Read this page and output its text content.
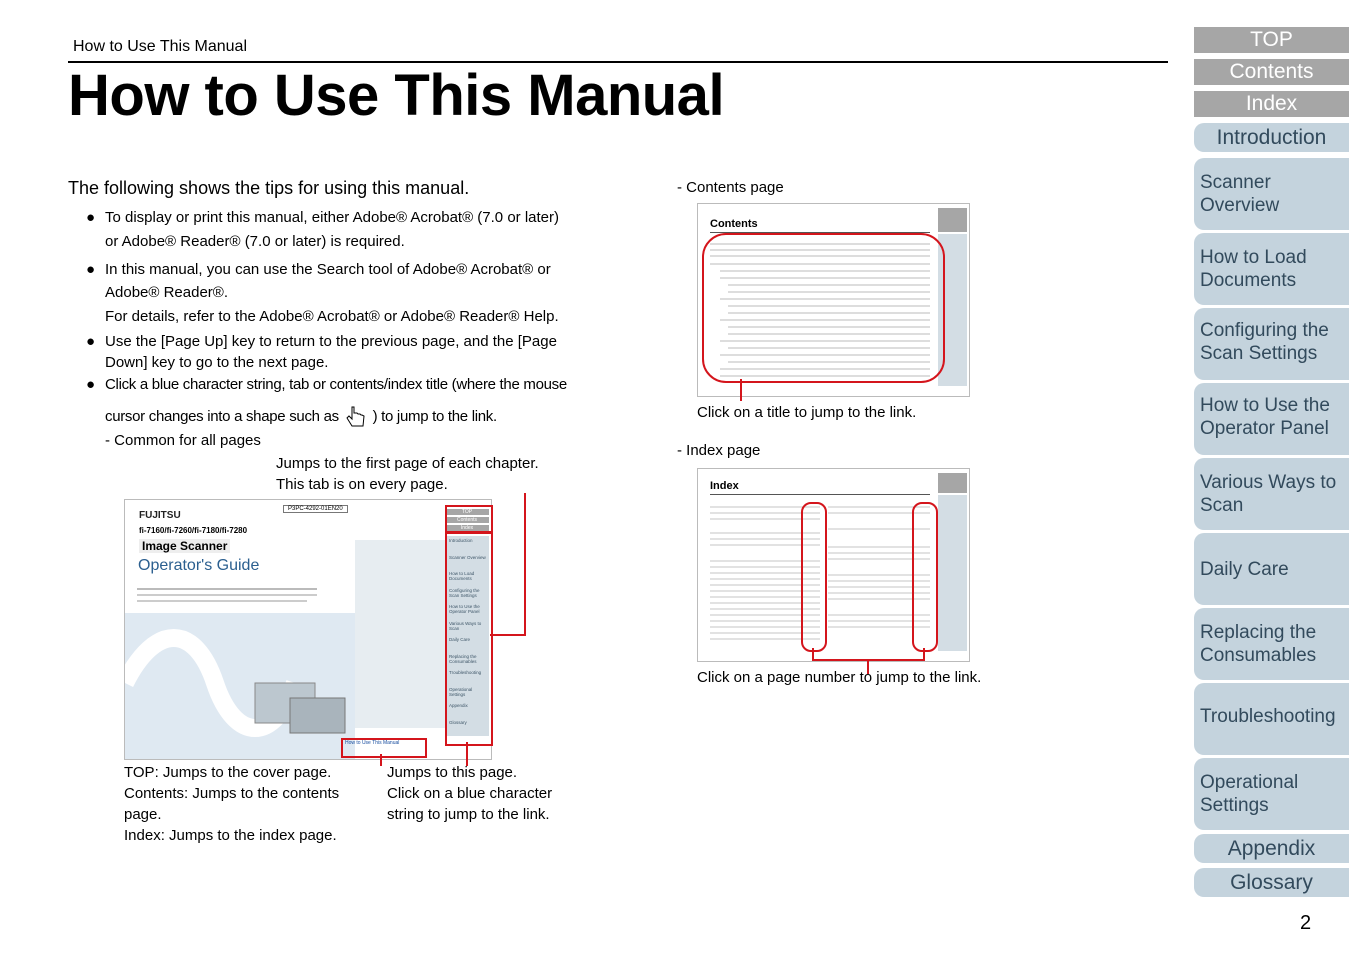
How to Use This Manual
How to Use This Manual
The following shows the tips for using this manual.
● To display or print this manual, either Adobe® Acrobat® (7.0 or later)
or Adobe® Reader® (7.0 or later) is required.
● In this manual, you can use the Search tool of Adobe® Acrobat® or
Adobe® Reader®.
For details, refer to the Adobe® Acrobat® or Adobe® Reader® Help.
● Use the [Page Up] key to return to the previous page, and the [Page
Down] key to go to the next page.
● Click a blue character string, tab or contents/index title (where the mouse
cursor changes into a shape such as ) to jump to the link.
- Common for all pages
Jumps to the first page of each chapter.
This tab is on every page.
FUJITSU
P3PC-4292-01EN20
fi-7160/fi-7260/fi-7180/fi-7280
Image Scanner
Operator's Guide
How to Use This Manual
TOP
Contents
Index
Introduction
Scanner Overview
How to Load Documents
Configuring the Scan Settings
How to Use the Operator Panel
Various Ways to Scan
Daily Care
Replacing the Consumables
Troubleshooting
Operational Settings
Appendix
Glossary
TOP: Jumps to the cover page.
Contents: Jumps to the contents
page.
Index: Jumps to the index page.
Jumps to this page.
Click on a blue character
string to jump to the link.
- Contents page
Contents
Click on a title to jump to the link.
- Index page
Index
Click on a page number to jump to the link.
TOP
Contents
Index
Introduction
Scanner
Overview
How to Load
Documents
Configuring the
Scan Settings
How to Use the
Operator Panel
Various Ways to
Scan
Daily Care
Replacing the
Consumables
Troubleshooting
Operational
Settings
Appendix
Glossary
2
